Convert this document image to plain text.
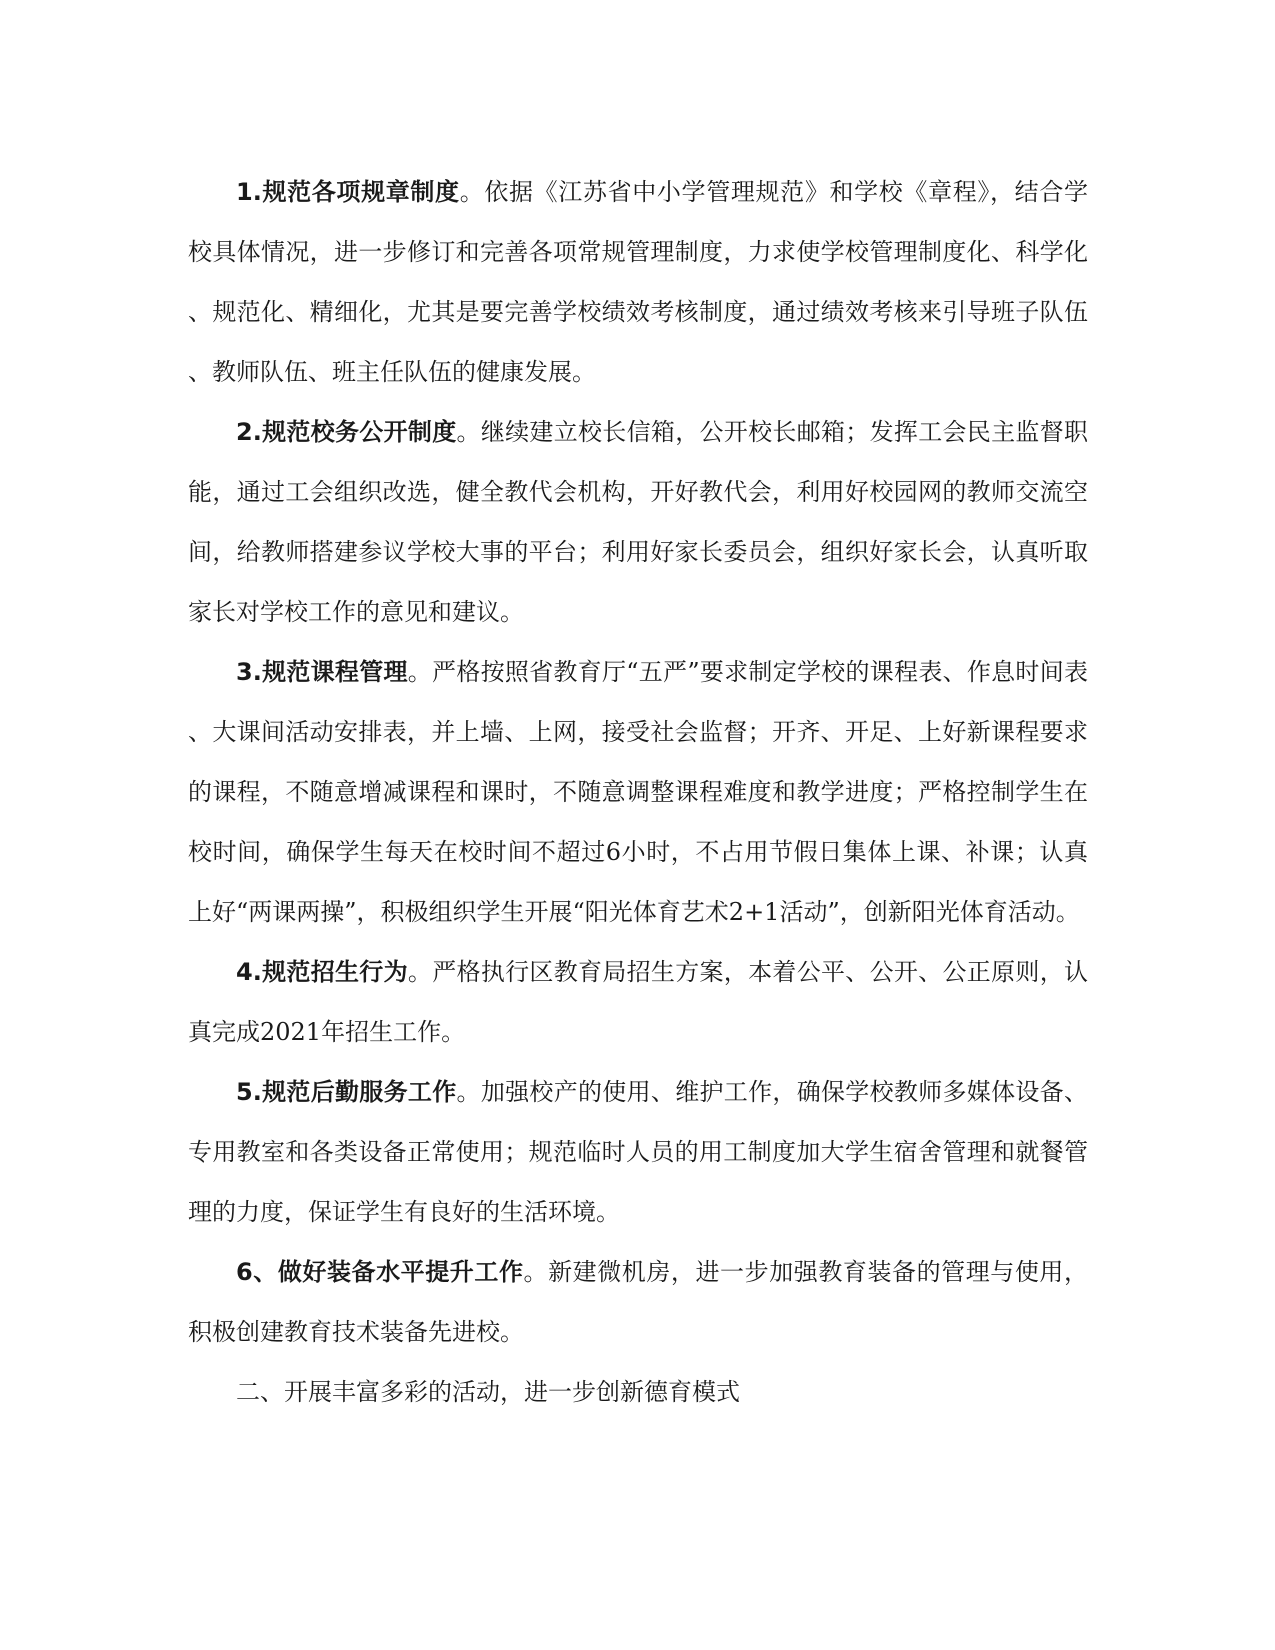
1.规范各项规章制度。依据《江苏省中小学管理规范》和学校《章程》，结合学校具体情况，进一步修订和完善各项常规管理制度，力求使学校管理制度化、科学化、规范化、精细化，尤其是要完善学校绩效考核制度，通过绩效考核来引导班子队伍、教师队伍、班主任队伍的健康发展。

2.规范校务公开制度。继续建立校长信箱，公开校长邮箱；发挥工会民主监督职能，通过工会组织改选，健全教代会机构，开好教代会，利用好校园网的教师交流空间，给教师搭建参议学校大事的平台；利用好家长委员会，组织好家长会，认真听取家长对学校工作的意见和建议。

3.规范课程管理。严格按照省教育厅“五严”要求制定学校的课程表、作息时间表、大课间活动安排表，并上墙、上网，接受社会监督；开齐、开足、上好新课程要求的课程，不随意增减课程和课时，不随意调整课程难度和教学进度；严格控制学生在校时间，确保学生每天在校时间不超过6小时，不占用节假日集体上课、补课；认真上好“两课两操”，积极组织学生开展“阳光体育艺术2+1活动”，创新阳光体育活动。

4.规范招生行为。严格执行区教育局招生方案，本着公平、公开、公正原则，认真完成2021年招生工作。

5.规范后勤服务工作。加强校产的使用、维护工作，确保学校教师多媒体设备、专用教室和各类设备正常使用；规范临时人员的用工制度加大学生宿舍管理和就餐管理的力度，保证学生有良好的生活环境。

6、做好装备水平提升工作。新建微机房，进一步加强教育装备的管理与使用，积极创建教育技术装备先进校。

二、开展丰富多彩的活动，进一步创新德育模式
